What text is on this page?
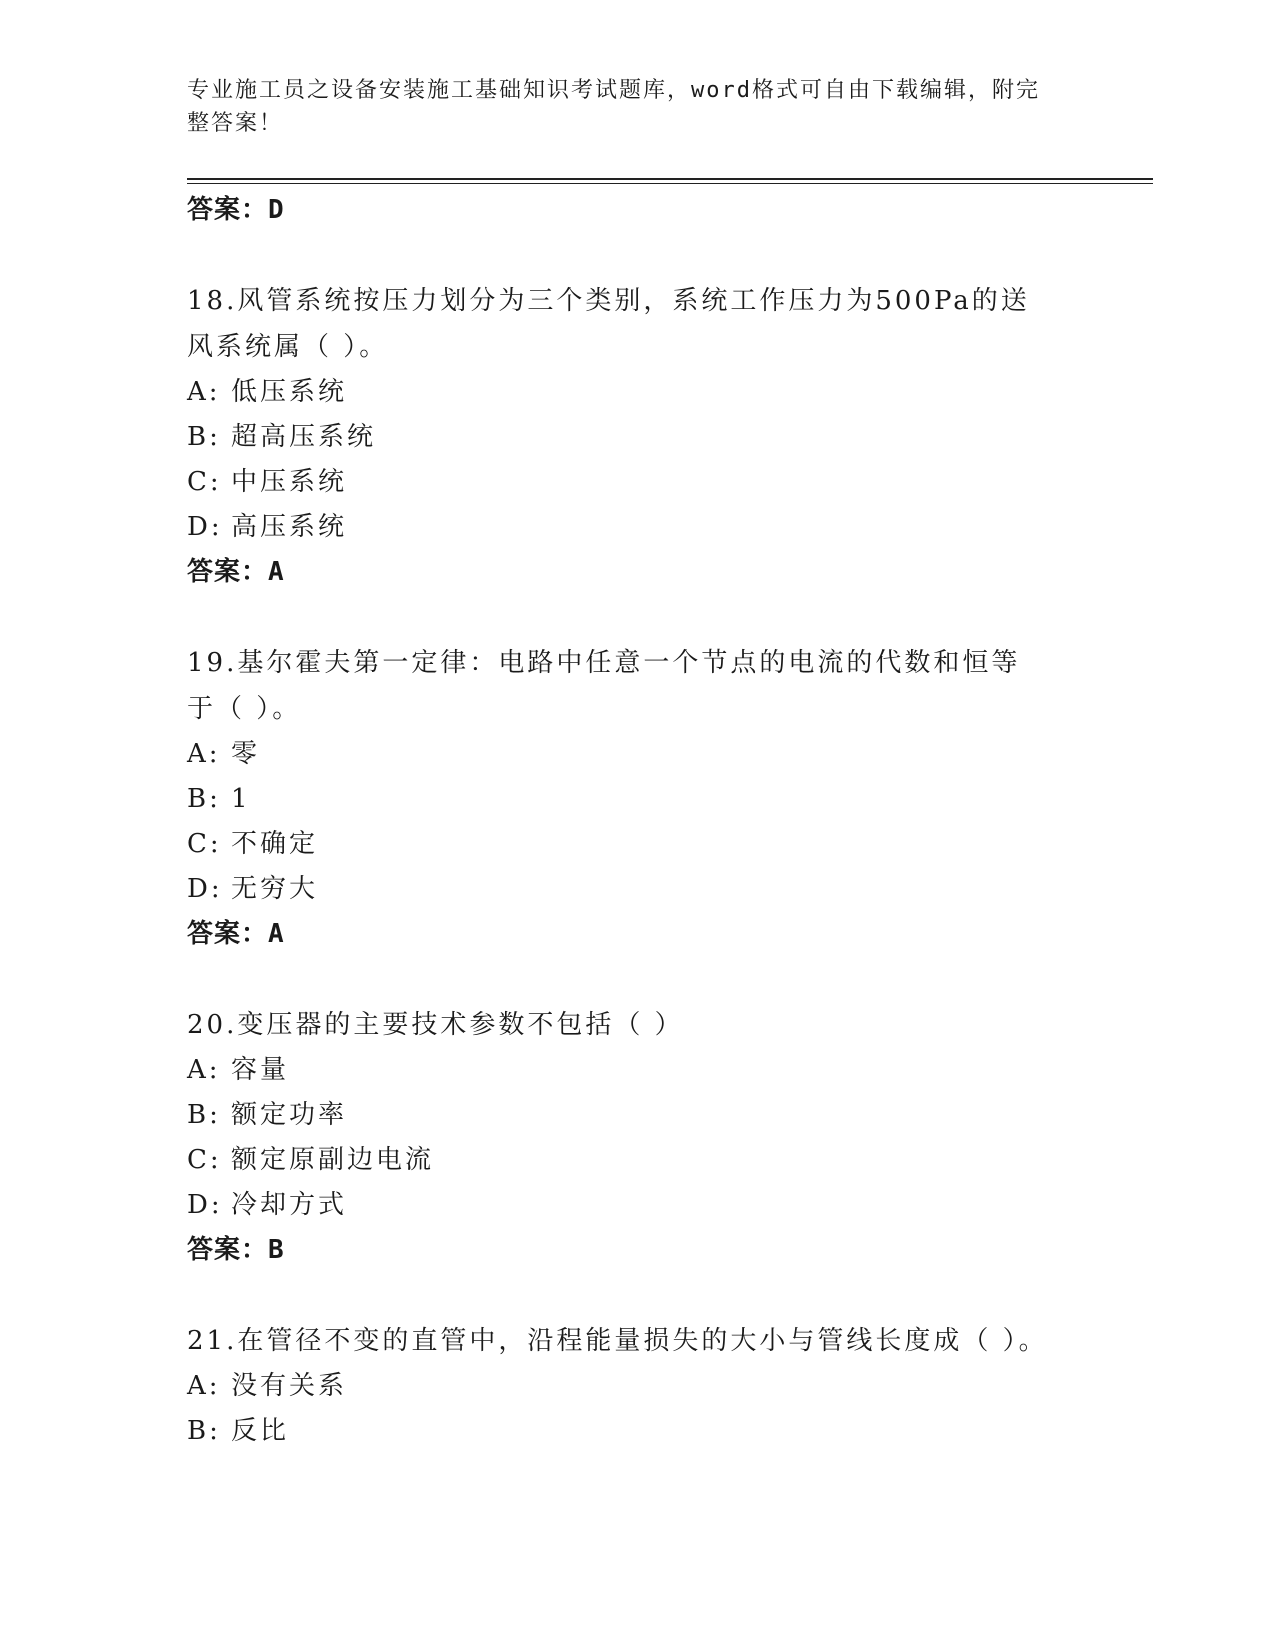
专业施工员之设备安装施工基础知识考试题库，word格式可自由下载编辑，附完
整答案！
答案：D
18.风管系统按压力划分为三个类别，系统工作压力为500Pa的送风系统属（ ）。
A: 低压系统
B: 超高压系统
C: 中压系统
D: 高压系统
答案：A
19.基尔霍夫第一定律：电路中任意一个节点的电流的代数和恒等于（ ）。
A: 零
B: 1
C: 不确定
D: 无穷大
答案：A
20.变压器的主要技术参数不包括（ ）
A: 容量
B: 额定功率
C: 额定原副边电流
D: 冷却方式
答案：B
21.在管径不变的直管中，沿程能量损失的大小与管线长度成（ ）。
A: 没有关系
B: 反比
